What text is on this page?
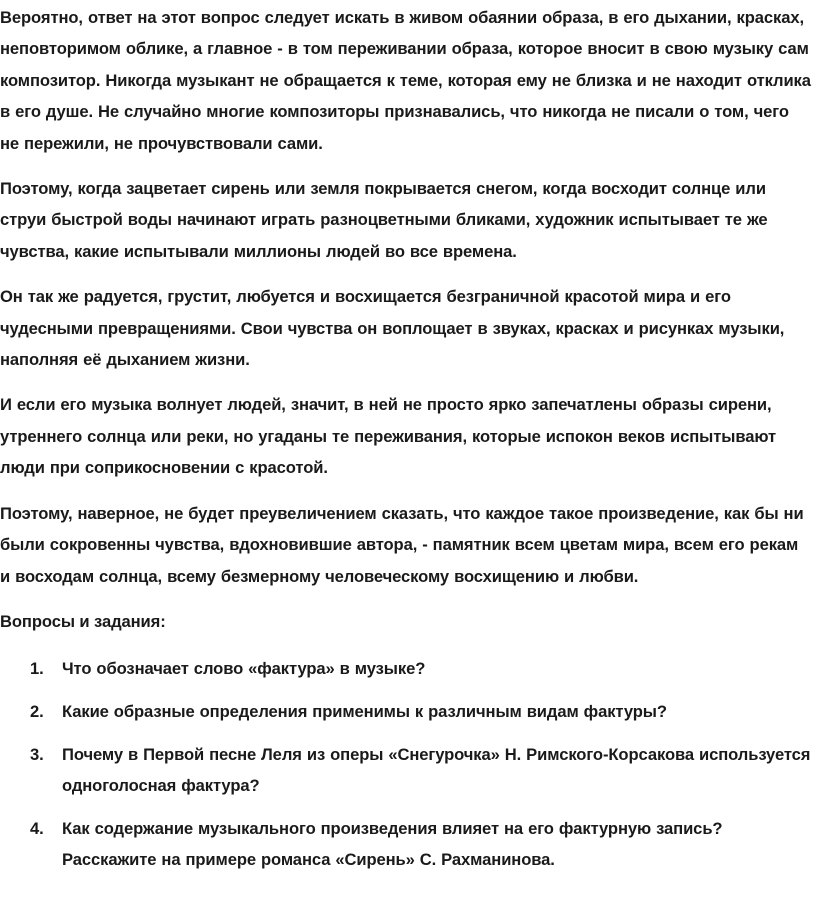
Вероятно, ответ на этот вопрос следует искать в живом обаянии образа, в его дыхании, красках, неповторимом облике, а главное - в том переживании образа, которое вносит в свою музыку сам композитор. Никогда музыкант не обращается к теме, которая ему не близка и не находит отклика в его душе. Не случайно многие композиторы признавались, что никогда не писали о том, чего не пережили, не прочувствовали сами.

Поэтому, когда зацветает сирень или земля покрывается снегом, когда восходит солнце или струи быстрой воды начинают играть разноцветными бликами, художник испытывает те же чувства, какие испытывали миллионы людей во все времена.

Он так же радуется, грустит, любуется и восхищается безграничной красотой мира и его чудесными превращениями. Свои чувства он воплощает в звуках, красках и рисунках музыки, наполняя её дыханием жизни.

И если его музыка волнует людей, значит, в ней не просто ярко запечатлены образы сирени, утреннего солнца или реки, но угаданы те переживания, которые испокон веков испытывают люди при соприкосновении с красотой.

Поэтому, наверное, не будет преувеличением сказать, что каждое такое произведение, как бы ни были сокровенны чувства, вдохновившие автора, - памятник всем цветам мира, всем его рекам и восходам солнца, всему безмерному человеческому восхищению и любви.

Вопросы и задания:

1. Что обозначает слово «фактура» в музыке?
2. Какие образные определения применимы к различным видам фактуры?
3. Почему в Первой песне Леля из оперы «Снегурочка» Н. Римского-Корсакова используется одноголосная фактура?
4. Как содержание музыкального произведения влияет на его фактурную запись? Расскажите на примере романса «Сирень» С. Рахманинова.
